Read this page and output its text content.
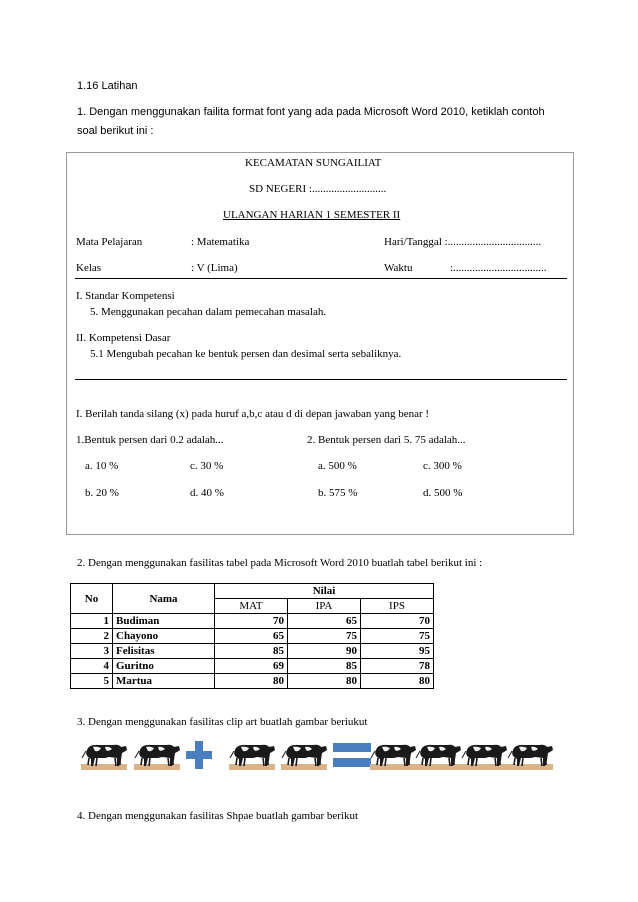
1.16 Latihan
1. Dengan menggunakan failita format font yang ada pada Microsoft Word 2010, ketiklah contoh
soal berikut ini :
KECAMATAN SUNGAILIAT
SD NEGERI :...........................
ULANGAN HARIAN 1 SEMESTER II
Mata Pelajaran	: Matematika	Hari/Tanggal :..................................
Kelas	: V (Lima)	Waktu	:..................................
I. Standar Kompetensi
5. Menggunakan pecahan dalam pemecahan masalah.
II. Kompetensi Dasar
5.1 Mengubah pecahan ke bentuk persen dan desimal serta sebaliknya.
I. Berilah tanda silang (x) pada huruf a,b,c atau d di depan jawaban yang benar !
1.Bentuk persen dari 0.2 adalah...	2. Bentuk persen dari 5. 75 adalah...
a. 10 %	c. 30 %
b. 20 %	d. 40 %
a. 500 %	c. 300 %
b. 575 %	d. 500 %
2. Dengan menggunakan fasilitas tabel pada Microsoft Word 2010 buatlah tabel berikut ini :
No	Nama	Nilai		
		MAT	IPA	IPS
1	Budiman	70	65	70
2	Chayono	65	75	75
3	Felisitas	85	90	95
4	Guritno	69	85	78
5	Martua	80	80	80
3. Dengan menggunakan fasilitas clip art buatlah gambar beriukut
4. Dengan menggunakan fasilitas Shpae buatlah gambar berikut
